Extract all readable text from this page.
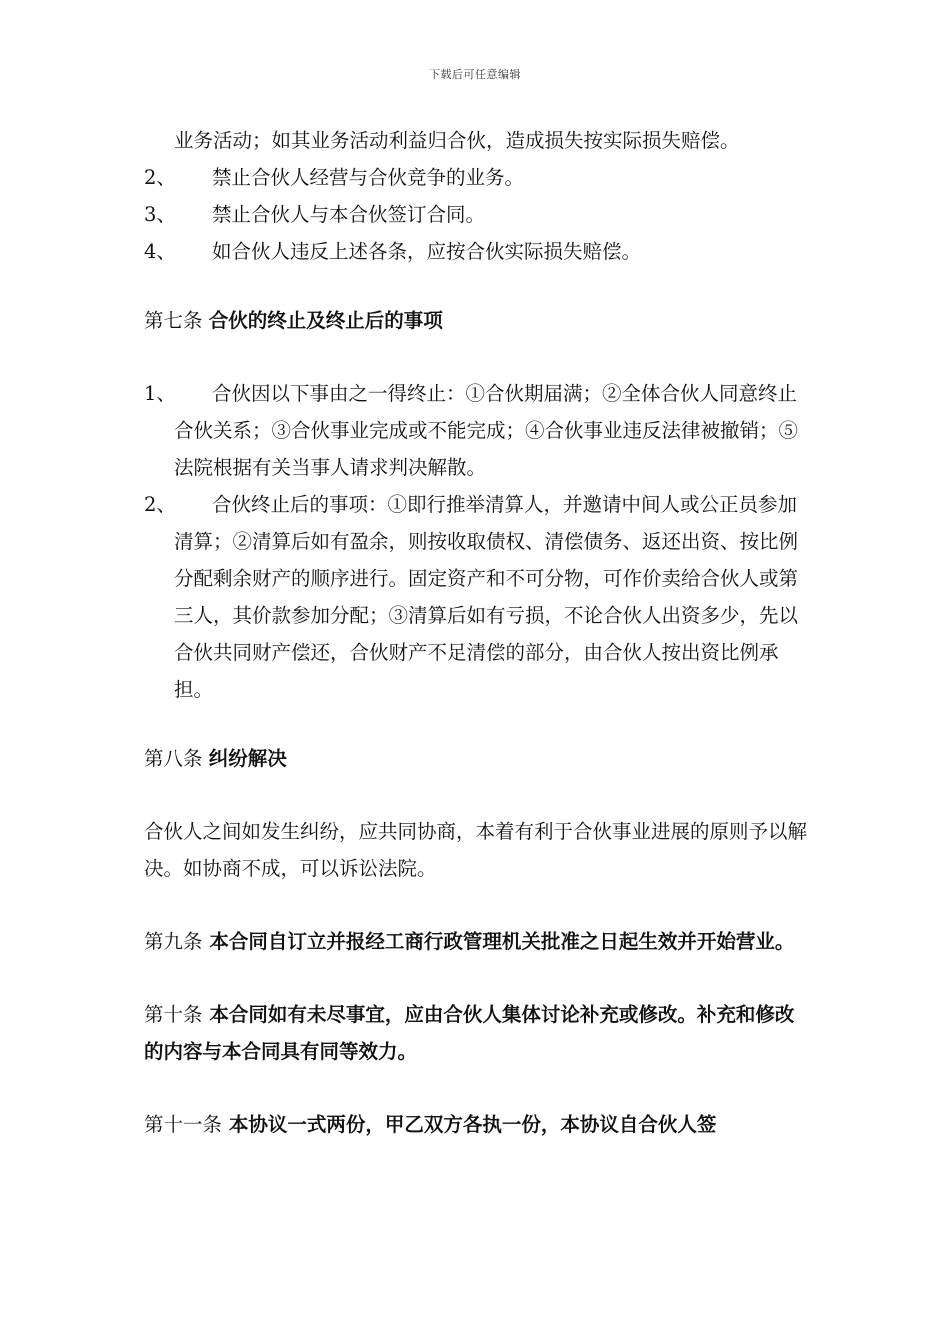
下载后可任意编辑
业务活动；如其业务活动利益归合伙，造成损失按实际损失赔偿。
2、 禁止合伙人经营与合伙竞争的业务。
3、 禁止合伙人与本合伙签订合同。
4、 如合伙人违反上述各条，应按合伙实际损失赔偿。
第七条 合伙的终止及终止后的事项
1、 合伙因以下事由之一得终止：①合伙期届满；②全体合伙人同意终止合伙关系；③合伙事业完成或不能完成；④合伙事业违反法律被撤销；⑤法院根据有关当事人请求判决解散。
2、 合伙终止后的事项：①即行推举清算人，并邀请中间人或公正员参加清算；②清算后如有盈余，则按收取债权、清偿债务、返还出资、按比例分配剩余财产的顺序进行。固定资产和不可分物，可作价卖给合伙人或第三人，其价款参加分配；③清算后如有亏损，不论合伙人出资多少，先以合伙共同财产偿还，合伙财产不足清偿的部分，由合伙人按出资比例承担。
第八条 纠纷解决
合伙人之间如发生纠纷，应共同协商，本着有利于合伙事业进展的原则予以解决。如协商不成，可以诉讼法院。
第九条 本合同自订立并报经工商行政管理机关批准之日起生效并开始营业。
第十条 本合同如有未尽事宜，应由合伙人集体讨论补充或修改。补充和修改的内容与本合同具有同等效力。
第十一条 本协议一式两份，甲乙双方各执一份，本协议自合伙人签
